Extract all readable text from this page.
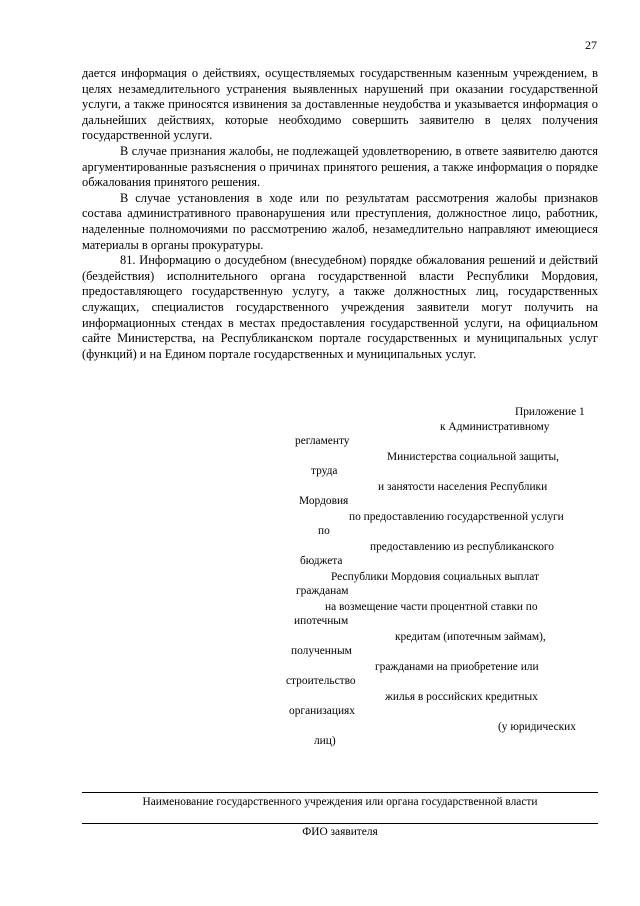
27

дается информация о действиях, осуществляемых государственным казенным учреждением, в целях незамедлительного устранения выявленных нарушений при оказании государственной услуги, а также приносятся извинения за доставленные неудобства и указывается информация о дальнейших действиях, которые необходимо совершить заявителю в целях получения государственной услуги.

В случае признания жалобы, не подлежащей удовлетворению, в ответе заявителю даются аргументированные разъяснения о причинах принятого решения, а также информация о порядке обжалования принятого решения.

В случае установления в ходе или по результатам рассмотрения жалобы признаков состава административного правонарушения или преступления, должностное лицо, работник, наделенные полномочиями по рассмотрению жалоб, незамедлительно направляют имеющиеся материалы в органы прокуратуры.

81. Информацию о досудебном (внесудебном) порядке обжалования решений и действий (бездействия) исполнительного органа государственной власти Республики Мордовия, предоставляющего государственную услугу, а также должностных лиц, государственных служащих, специалистов государственного учреждения заявители могут получить на информационных стендах в местах предоставления государственной услуги, на официальном сайте Министерства, на Республиканском портале государственных и муниципальных услуг (функций) и на Едином портале государственных и муниципальных услуг.

Приложение 1
к Административному
регламенту
Министерства социальной защиты,
труда
и занятости населения Республики
Мордовия
по предоставлению государственной услуги
по
предоставлению из республиканского
бюджета
Республики Мордовия социальных выплат
гражданам
на возмещение части процентной ставки по
ипотечным
кредитам (ипотечным займам),
полученным
гражданами на приобретение или
строительство
жилья в российских кредитных
организациях
(у юридических
лиц)
Наименование государственного учреждения или органа государственной власти
ФИО заявителя
